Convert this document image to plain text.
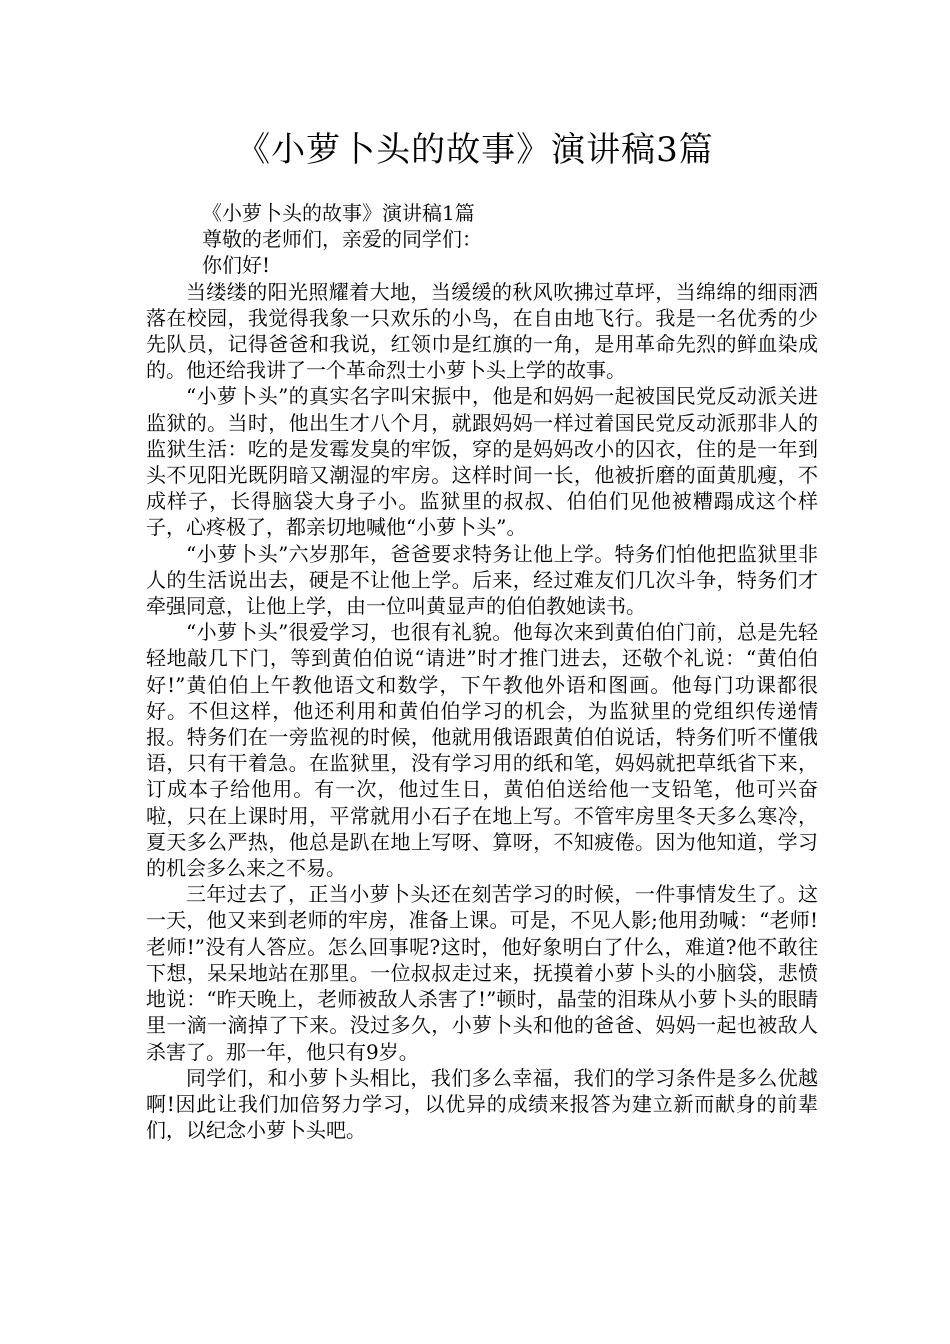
《小萝卜头的故事》演讲稿3篇

《小萝卜头的故事》演讲稿1篇

尊敬的老师们，亲爱的同学们：

你们好!

当缕缕的阳光照耀着大地，当缓缓的秋风吹拂过草坪，当绵绵的细雨洒落在校园，我觉得我象一只欢乐的小鸟，在自由地飞行。我是一名优秀的少先队员，记得爸爸和我说，红领巾是红旗的一角，是用革命先烈的鲜血染成的。他还给我讲了一个革命烈士小萝卜头上学的故事。

“小萝卜头”的真实名字叫宋振中，他是和妈妈一起被国民党反动派关进监狱的。当时，他出生才八个月，就跟妈妈一样过着国民党反动派那非人的监狱生活：吃的是发霉发臭的牢饭，穿的是妈妈改小的囚衣，住的是一年到头不见阳光既阴暗又潮湿的牢房。这样时间一长，他被折磨的面黄肌瘦，不成样子，长得脑袋大身子小。监狱里的叔叔、伯伯们见他被糟蹋成这个样子，心疼极了，都亲切地喊他“小萝卜头”。

“小萝卜头”六岁那年，爸爸要求特务让他上学。特务们怕他把监狱里非人的生活说出去，硬是不让他上学。后来，经过难友们几次斗争，特务们才牵强同意，让他上学，由一位叫黄显声的伯伯教她读书。

“小萝卜头”很爱学习，也很有礼貌。他每次来到黄伯伯门前，总是先轻轻地敲几下门，等到黄伯伯说“请进”时才推门进去，还敬个礼说：“黄伯伯好!”黄伯伯上午教他语文和数学，下午教他外语和图画。他每门功课都很好。不但这样，他还利用和黄伯伯学习的机会，为监狱里的党组织传递情报。特务们在一旁监视的时候，他就用俄语跟黄伯伯说话，特务们听不懂俄语，只有干着急。在监狱里，没有学习用的纸和笔，妈妈就把草纸省下来，订成本子给他用。有一次，他过生日，黄伯伯送给他一支铅笔，他可兴奋啦，只在上课时用，平常就用小石子在地上写。不管牢房里冬天多么寒冷，夏天多么严热，他总是趴在地上写呀、算呀，不知疲倦。因为他知道，学习的机会多么来之不易。

三年过去了，正当小萝卜头还在刻苦学习的时候，一件事情发生了。这一天，他又来到老师的牢房，准备上课。可是，不见人影;他用劲喊：“老师!老师!”没有人答应。怎么回事呢?这时，他好象明白了什么，难道?他不敢往下想，呆呆地站在那里。一位叔叔走过来，抚摸着小萝卜头的小脑袋，悲愤地说：“昨天晚上，老师被敌人杀害了!”顿时，晶莹的泪珠从小萝卜头的眼睛里一滴一滴掉了下来。没过多久，小萝卜头和他的爸爸、妈妈一起也被敌人杀害了。那一年，他只有9岁。

同学们，和小萝卜头相比，我们多么幸福，我们的学习条件是多么优越啊!因此让我们加倍努力学习，以优异的成绩来报答为建立新而献身的前辈们，以纪念小萝卜头吧。
